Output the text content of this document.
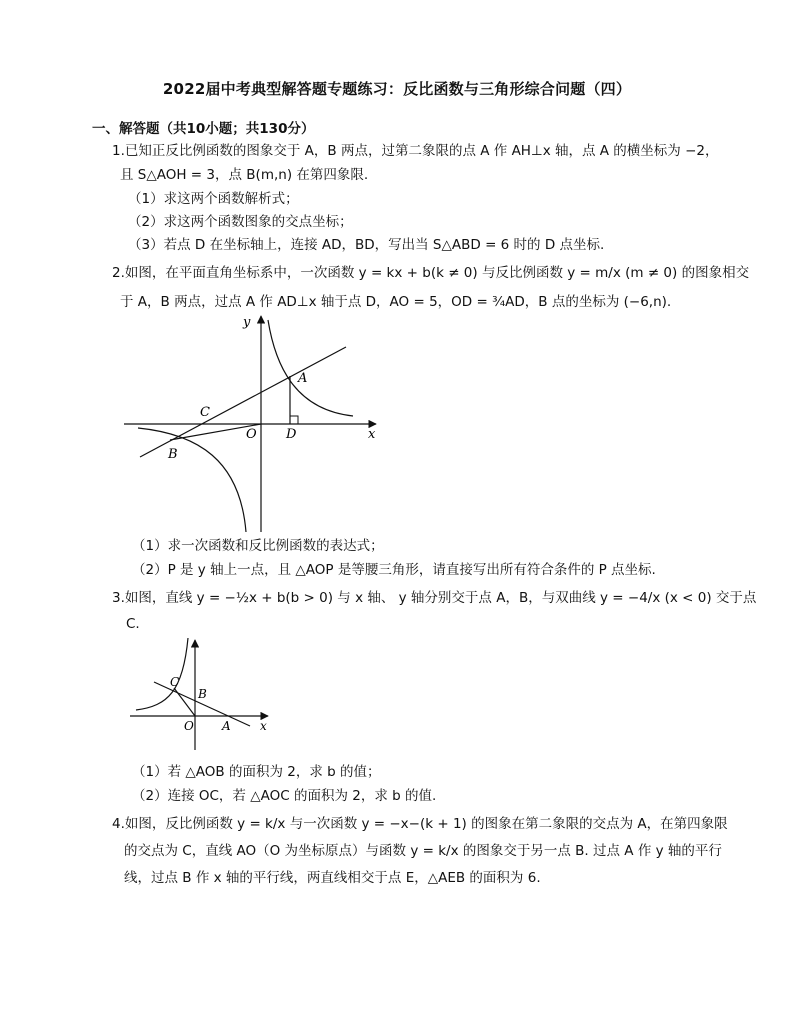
2022届中考典型解答题专题练习：反比函数与三角形综合问题（四）
一、解答题（共10小题；共130分）
1.已知正反比例函数的图象交于 A，B 两点，过第二象限的点 A 作 AH⊥x 轴，点 A 的横坐标为 −2，
且 S△AOH = 3，点 B(m,n) 在第四象限.
（1）求这两个函数解析式；
（2）求这两个函数图象的交点坐标；
（3）若点 D 在坐标轴上，连接 AD，BD，写出当 S△ABD = 6 时的 D 点坐标.
2.如图，在平面直角坐标系中，一次函数 y = kx + b(k ≠ 0) 与反比例函数 y = m/x (m ≠ 0) 的图象相交
于 A，B 两点，过点 A 作 AD⊥x 轴于点 D，AO = 5，OD = ¾AD，B 点的坐标为 (−6,n).
y
x
A
B
C
O D
（1）求一次函数和反比例函数的表达式；
（2）P 是 y 轴上一点，且 △AOP 是等腰三角形，请直接写出所有符合条件的 P 点坐标.
3.如图，直线 y = −½x + b(b > 0) 与 x 轴、 y 轴分别交于点 A，B，与双曲线 y = −4/x (x < 0) 交于点
C.
C
B
O A x
（1）若 △AOB 的面积为 2，求 b 的值；
（2）连接 OC，若 △AOC 的面积为 2，求 b 的值.
4.如图，反比例函数 y = k/x 与一次函数 y = −x−(k + 1) 的图象在第二象限的交点为 A，在第四象限
的交点为 C，直线 AO（O 为坐标原点）与函数 y = k/x 的图象交于另一点 B. 过点 A 作 y 轴的平行
线，过点 B 作 x 轴的平行线，两直线相交于点 E，△AEB 的面积为 6.
